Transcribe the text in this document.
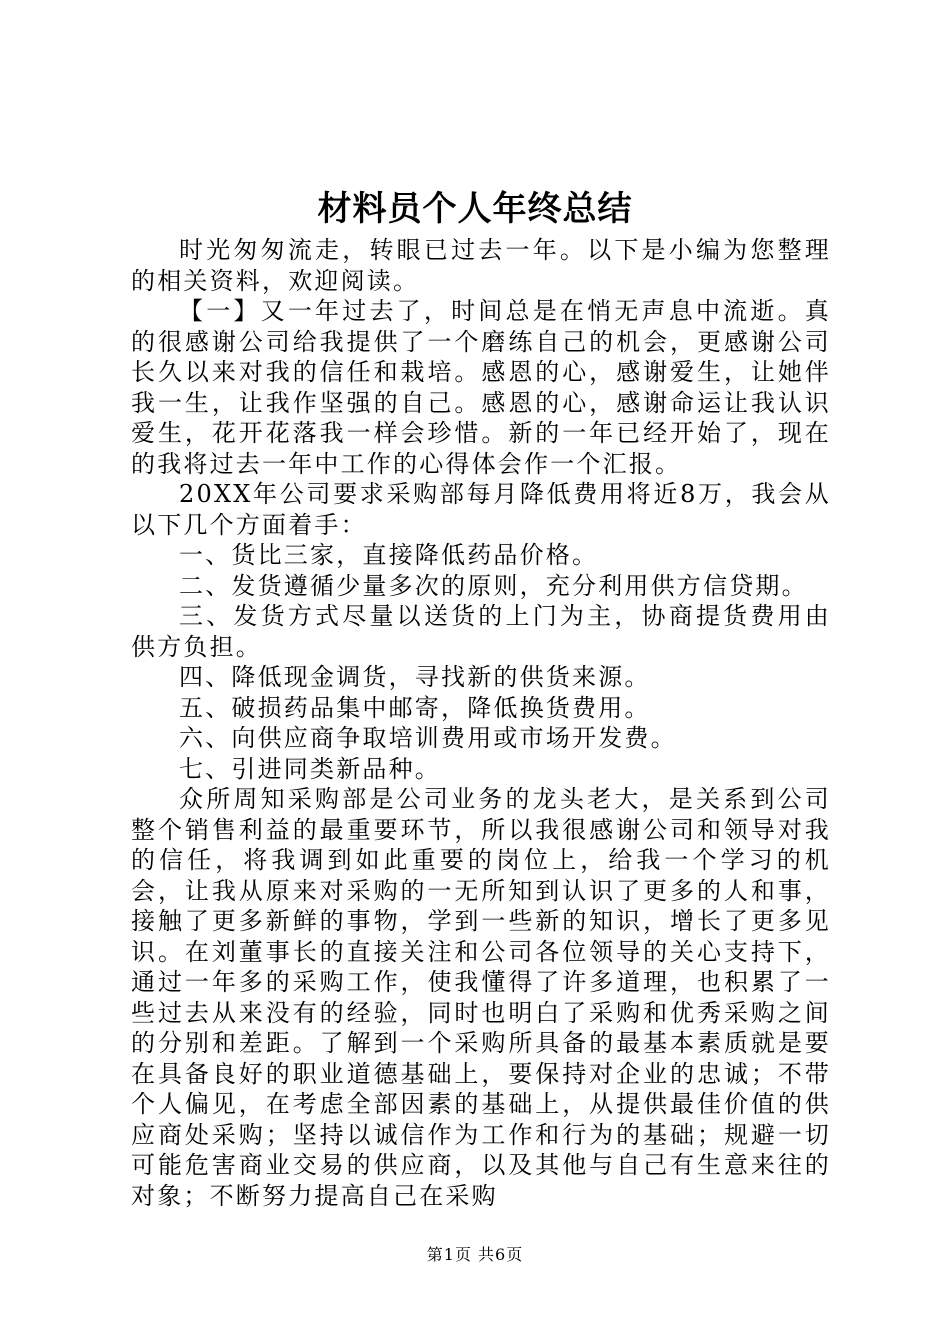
材料员个人年终总结

时光匆匆流走，转眼已过去一年。以下是小编为您整理的相关资料，欢迎阅读。

【一】又一年过去了，时间总是在悄无声息中流逝。真的很感谢公司给我提供了一个磨练自己的机会，更感谢公司长久以来对我的信任和栽培。感恩的心，感谢爱生，让她伴我一生，让我作坚强的自己。感恩的心，感谢命运让我认识爱生，花开花落我一样会珍惜。新的一年已经开始了，现在的我将过去一年中工作的心得体会作一个汇报。

20XX年公司要求采购部每月降低费用将近8万，我会从以下几个方面着手：

一、货比三家，直接降低药品价格。

二、发货遵循少量多次的原则，充分利用供方信贷期。

三、发货方式尽量以送货的上门为主，协商提货费用由供方负担。

四、降低现金调货，寻找新的供货来源。

五、破损药品集中邮寄，降低换货费用。

六、向供应商争取培训费用或市场开发费。

七、引进同类新品种。

众所周知采购部是公司业务的龙头老大，是关系到公司整个销售利益的最重要环节，所以我很感谢公司和领导对我的信任，将我调到如此重要的岗位上，给我一个学习的机会，让我从原来对采购的一无所知到认识了更多的人和事，接触了更多新鲜的事物，学到一些新的知识，增长了更多见识。在刘董事长的直接关注和公司各位领导的关心支持下，通过一年多的采购工作，使我懂得了许多道理，也积累了一些过去从来没有的经验，同时也明白了采购和优秀采购之间的分别和差距。了解到一个采购所具备的最基本素质就是要在具备良好的职业道德基础上，要保持对企业的忠诚；不带个人偏见，在考虑全部因素的基础上，从提供最佳价值的供应商处采购；坚持以诚信作为工作和行为的基础；规避一切可能危害商业交易的供应商，以及其他与自己有生意来往的对象；不断努力提高自己在采购

第1页 共6页
